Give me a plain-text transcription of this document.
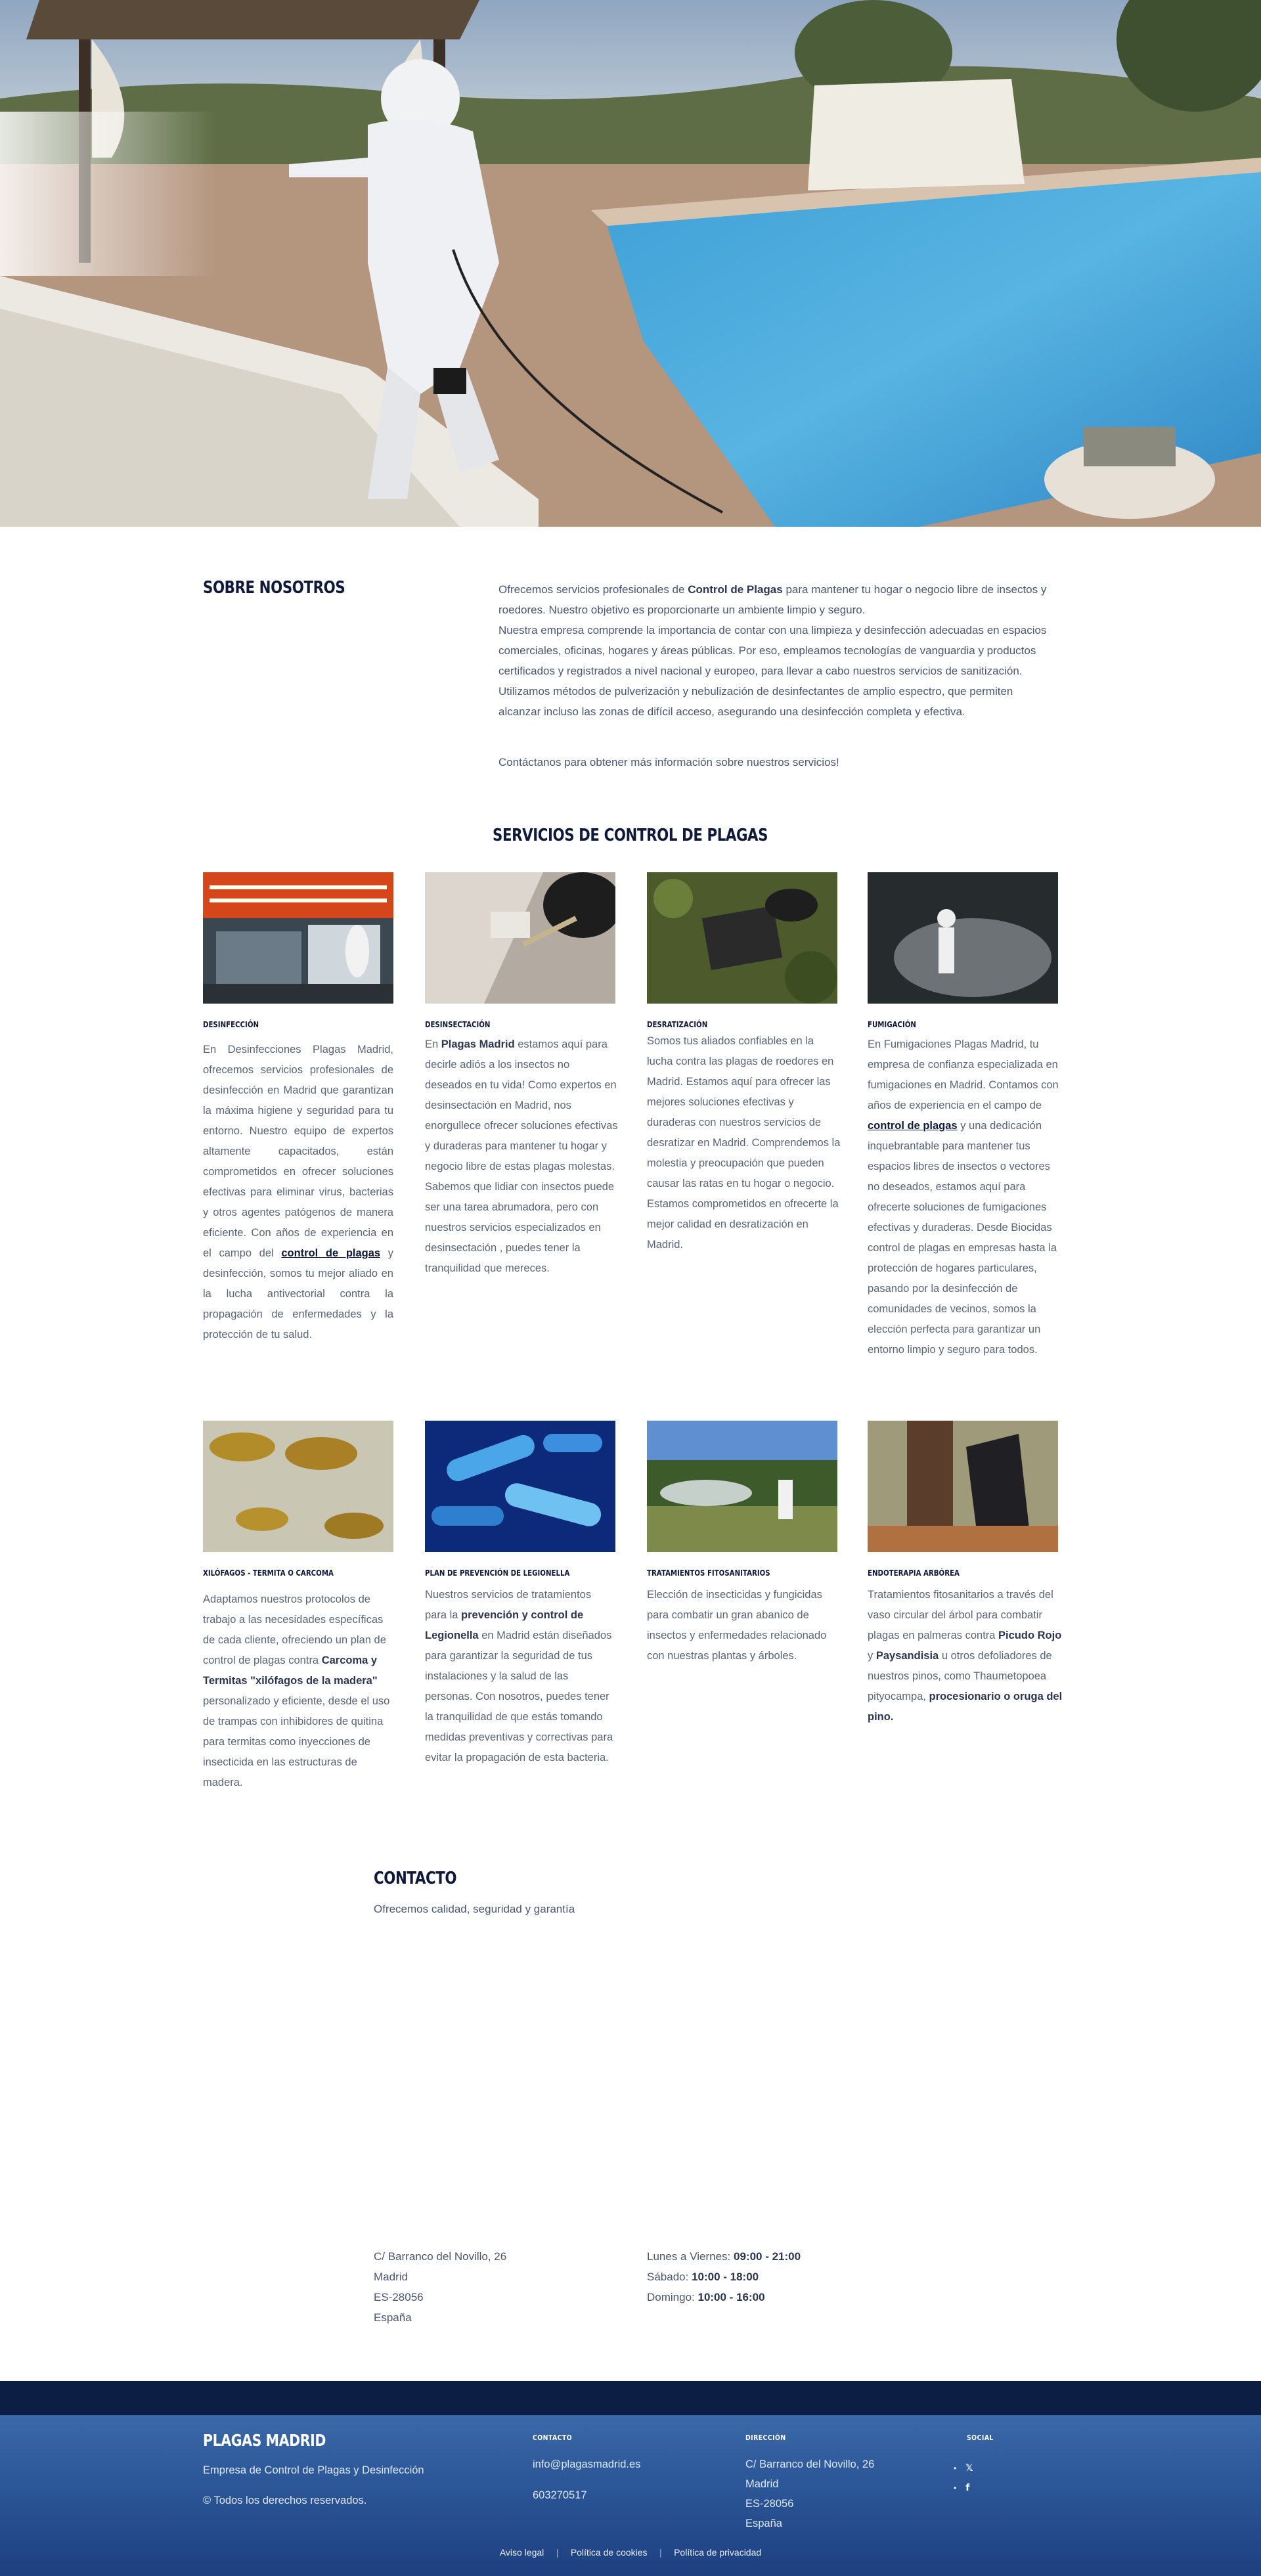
SOBRE NOSOTROS	Ofrecemos servicios profesionales de Control de Plagas para mantener tu hogar o negocio libre de insectos y roedores. Nuestro objetivo es proporcionarte un ambiente limpio y seguro.
Nuestra empresa comprende la importancia de contar con una limpieza y desinfección adecuadas en espacios comerciales, oficinas, hogares y áreas públicas. Por eso, empleamos tecnologías de vanguardia y productos certificados y registrados a nivel nacional y europeo, para llevar a cabo nuestros servicios de sanitización. Utilizamos métodos de pulverización y nebulización de desinfectantes de amplio espectro, que permiten alcanzar incluso las zonas de difícil acceso, asegurando una desinfección completa y efectiva.
Contáctanos para obtener más información sobre nuestros servicios!
SERVICIOS DE CONTROL DE PLAGAS
DESINFECCIÓN	DESINSECTACIÓN	DESRATIZACIÓN	FUMIGACIÓN
En Desinfecciones Plagas Madrid, ofrecemos servicios profesionales de desinfección en Madrid que garantizan la máxima higiene y seguridad para tu entorno. Nuestro equipo de expertos altamente capacitados, están comprometidos en ofrecer soluciones efectivas para eliminar virus, bacterias y otros agentes patógenos de manera eficiente. Con años de experiencia en el campo del control de plagas y desinfección, somos tu mejor aliado en la lucha antivectorial contra la propagación de enfermedades y la protección de tu salud.
En Plagas Madrid estamos aquí para decirle adiós a los insectos no deseados en tu vida! Como expertos en desinsectación en Madrid, nos enorgullece ofrecer soluciones efectivas y duraderas para mantener tu hogar y negocio libre de estas plagas molestas. Sabemos que lidiar con insectos puede ser una tarea abrumadora, pero con nuestros servicios especializados en desinsectación , puedes tener la tranquilidad que mereces.
Somos tus aliados confiables en la lucha contra las plagas de roedores en Madrid. Estamos aquí para ofrecer las mejores soluciones efectivas y duraderas con nuestros servicios de desratizar en Madrid. Comprendemos la molestia y preocupación que pueden causar las ratas en tu hogar o negocio. Estamos comprometidos en ofrecerte la mejor calidad en desratización en Madrid.
En Fumigaciones Plagas Madrid, tu empresa de confianza especializada en fumigaciones en Madrid. Contamos con años de experiencia en el campo de control de plagas y una dedicación inquebrantable para mantener tus espacios libres de insectos o vectores no deseados, estamos aquí para ofrecerte soluciones de fumigaciones efectivas y duraderas. Desde Biocidas control de plagas en empresas hasta la protección de hogares particulares, pasando por la desinfección de comunidades de vecinos, somos la elección perfecta para garantizar un entorno limpio y seguro para todos.
XILÓFAGOS - TERMITA O CARCOMA	PLAN DE PREVENCIÓN DE LEGIONELLA	TRATAMIENTOS FITOSANITARIOS	ENDOTERAPIA ARBÓREA
Adaptamos nuestros protocolos de trabajo a las necesidades específicas de cada cliente, ofreciendo un plan de control de plagas contra Carcoma y Termitas "xilófagos de la madera" personalizado y eficiente, desde el uso de trampas con inhibidores de quitina para termitas como inyecciones de insecticida en las estructuras de madera.
Nuestros servicios de tratamientos para la prevención y control de Legionella en Madrid están diseñados para garantizar la seguridad de tus instalaciones y la salud de las personas. Con nosotros, puedes tener la tranquilidad de que estás tomando medidas preventivas y correctivas para evitar la propagación de esta bacteria.
Elección de insecticidas y fungicidas para combatir un gran abanico de insectos y enfermedades relacionado con nuestras plantas y árboles.
Tratamientos fitosanitarios a través del vaso circular del árbol para combatir plagas en palmeras contra Picudo Rojo y Paysandisia u otros defoliadores de nuestros pinos, como Thaumetopoea pityocampa, procesionario o oruga del pino.
CONTACTO
Ofrecemos calidad, seguridad y garantía
C/ Barranco del Novillo, 26
Madrid
ES-28056
España
Lunes a Viernes: 09:00 - 21:00
Sábado: 10:00 - 18:00
Domingo: 10:00 - 16:00
PLAGAS MADRID
Empresa de Control de Plagas y Desinfección
© Todos los derechos reservados.
CONTACTO
info@plagasmadrid.es
603270517
DIRECCIÓN
C/ Barranco del Novillo, 26
Madrid
ES-28056
España
SOCIAL
• 𝕏
• f
Aviso legal | Política de cookies | Política de privacidad
